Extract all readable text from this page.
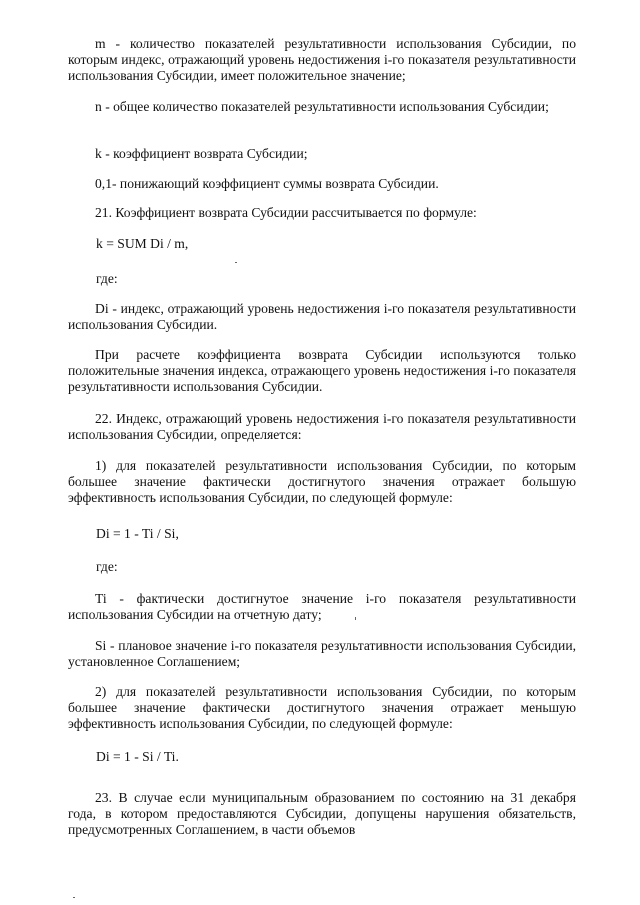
m - количество показателей результативности использования Субсидии, по которым индекс, отражающий уровень недостижения i-го показателя результативности использования Субсидии, имеет положительное значение;

n - общее количество показателей результативности использования Субсидии;

k - коэффициент возврата Субсидии;

0,1- понижающий коэффициент суммы возврата Субсидии.

21. Коэффициент возврата Субсидии рассчитывается по формуле:

k = SUM Di / m,

где:

Di - индекс, отражающий уровень недостижения i-го показателя результативности использования Субсидии.

При расчете коэффициента возврата Субсидии используются только положительные значения индекса, отражающего уровень недостижения i-го показателя результативности использования Субсидии.

22. Индекс, отражающий уровень недостижения i-го показателя результативности использования Субсидии, определяется:

1) для показателей результативности использования Субсидии, по которым большее значение фактически достигнутого значения отражает большую эффективность использования Субсидии, по следующей формуле:

Di = 1 - Ti / Si,

где:

Ti - фактически достигнутое значение i-го показателя результативности использования Субсидии на отчетную дату;

Si - плановое значение i-го показателя результативности использования Субсидии, установленное Соглашением;

2) для показателей результативности использования Субсидии, по которым большее значение фактически достигнутого значения отражает меньшую эффективность использования Субсидии, по следующей формуле:

Di = 1 - Si / Ti.

23. В случае если муниципальным образованием по состоянию на 31 декабря года, в котором предоставляются Субсидии, допущены нарушения обязательств, предусмотренных Соглашением, в части объемов
